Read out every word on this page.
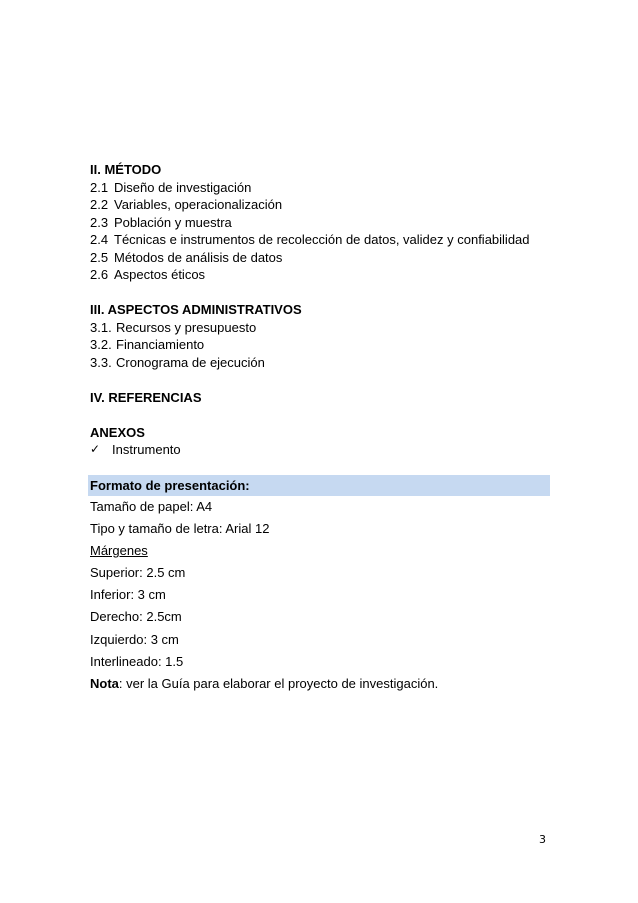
II. MÉTODO
2.1 Diseño de investigación
2.2 Variables, operacionalización
2.3 Población y muestra
2.4 Técnicas e instrumentos de recolección de datos, validez y confiabilidad
2.5 Métodos de análisis de datos
2.6 Aspectos éticos
III. ASPECTOS ADMINISTRATIVOS
3.1. Recursos y presupuesto
3.2. Financiamiento
3.3. Cronograma de ejecución
IV. REFERENCIAS
ANEXOS
✓ Instrumento
Formato de presentación:
Tamaño de papel: A4
Tipo y tamaño de letra: Arial 12
Márgenes
Superior: 2.5 cm
Inferior: 3 cm
Derecho: 2.5cm
Izquierdo: 3 cm
Interlineado: 1.5
Nota: ver la Guía para elaborar el proyecto de investigación.
3
